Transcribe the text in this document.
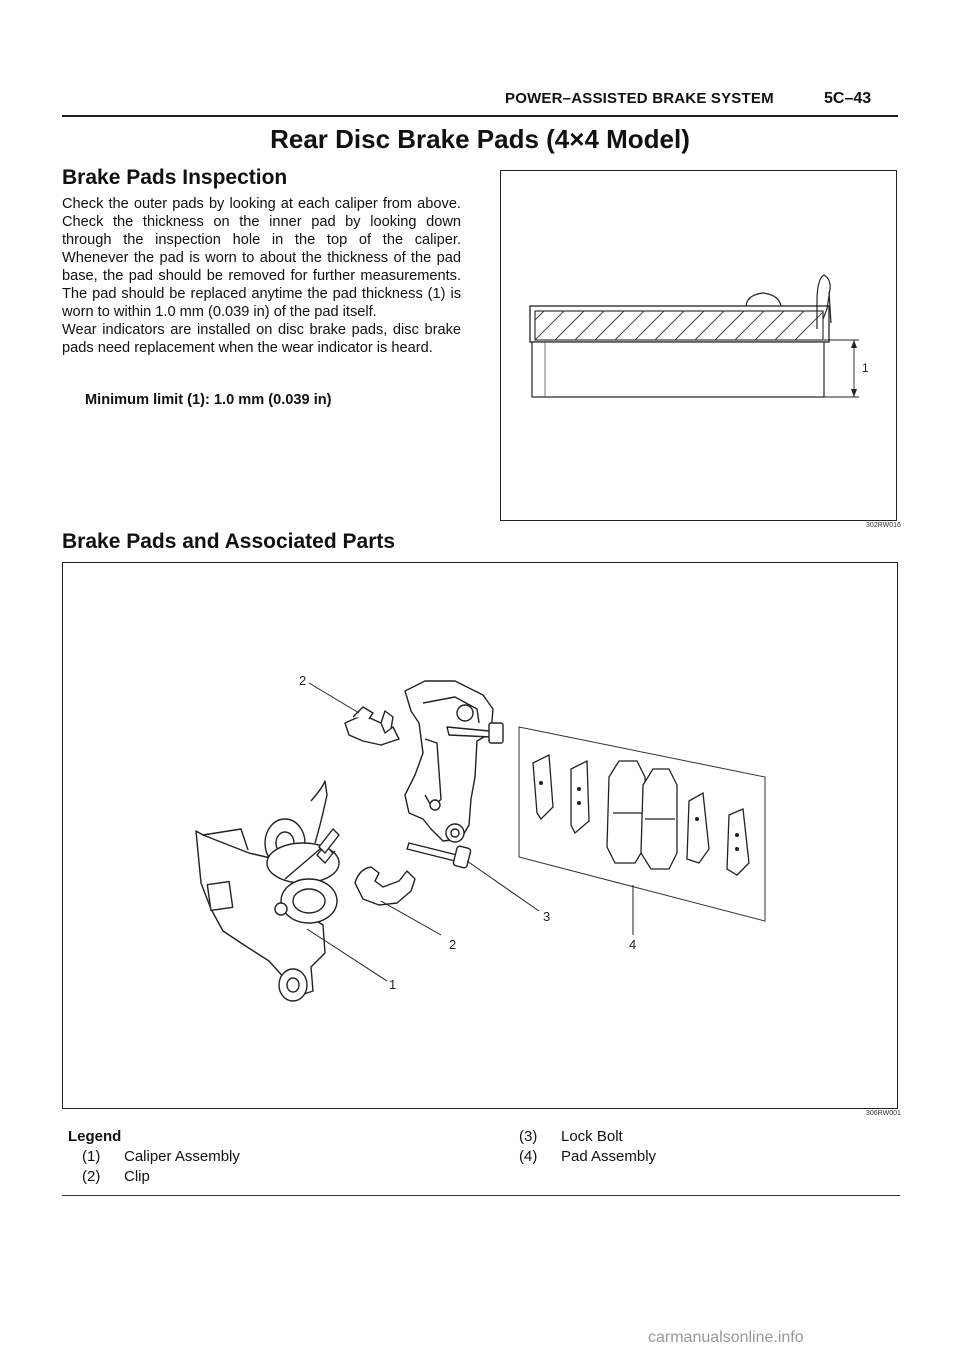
POWER–ASSISTED BRAKE SYSTEM	5C–43
Rear Disc Brake Pads (4×4 Model)
Brake Pads Inspection

Check the outer pads by looking at each caliper from above. Check the thickness on the inner pad by looking down through the inspection hole in the top of the caliper. Whenever the pad is worn to about the thickness of the pad base, the pad should be removed for further measurements. The pad should be replaced anytime the pad thickness (1) is worn to within 1.0 mm (0.039 in) of the pad itself.

Wear indicators are installed on disc brake pads, disc brake pads need replacement when the wear indicator is heard.

Minimum limit (1): 1.0 mm (0.039 in)
1
302RW016
Brake Pads and Associated Parts
2
2
1
3
4
306RW001
Legend
(1) Caliper Assembly
(2) Clip
(3) Lock Bolt
(4) Pad Assembly
carmanualsonline.info
